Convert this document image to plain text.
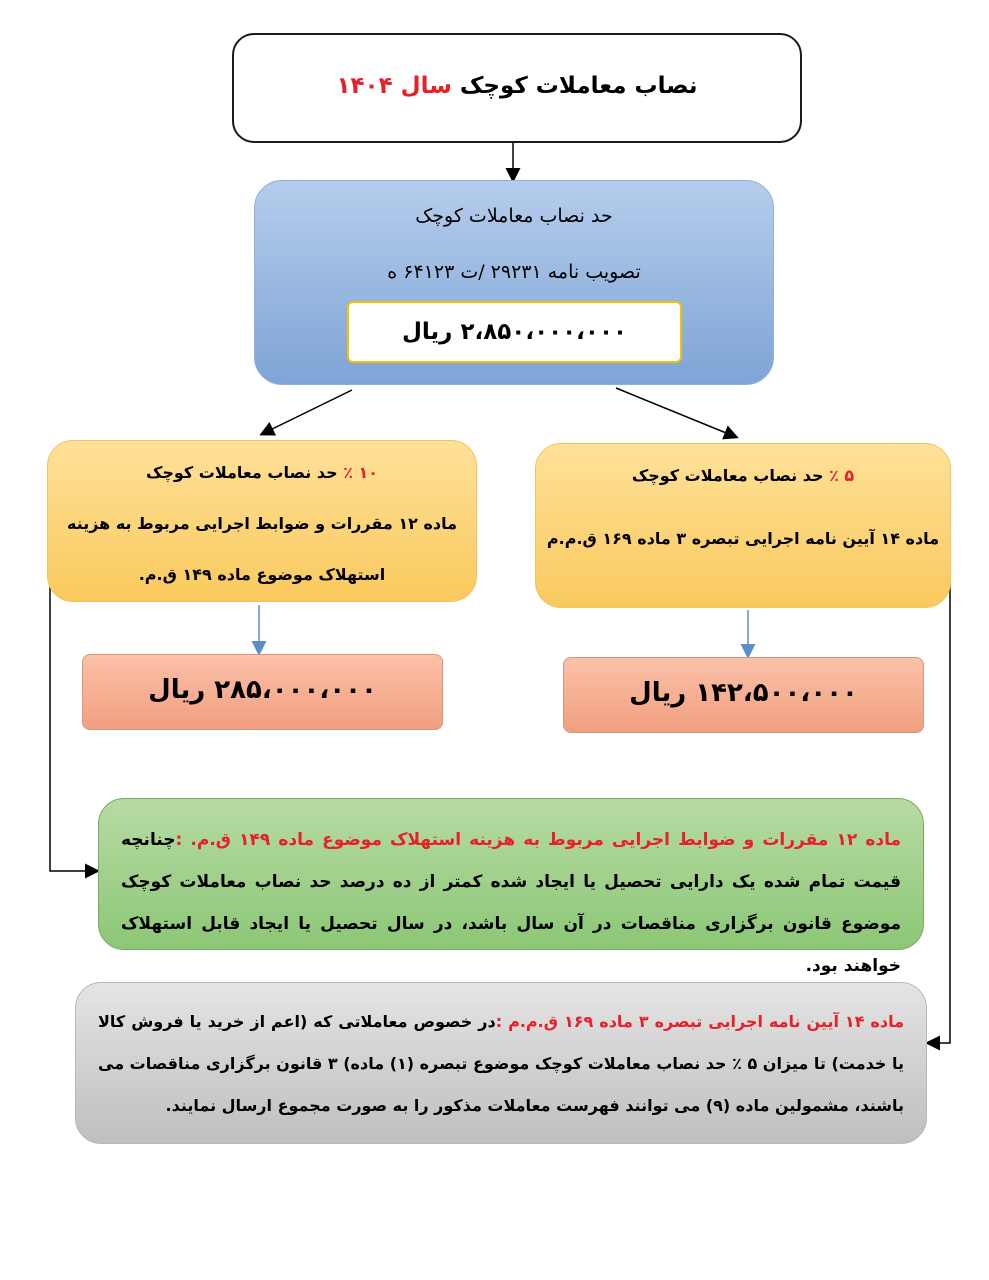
نصاب معاملات کوچک سال ۱۴۰۴
حد نصاب معاملات کوچک
تصویب نامه ۲۹۲۳۱ /ت ۶۴۱۲۳ ه
۲،۸۵۰،۰۰۰،۰۰۰ ریال
۱۰ ٪ حد نصاب معاملات کوچک
ماده ۱۲ مقررات و ضوابط اجرایی مربوط به هزینه
استهلاک موضوع ماده ۱۴۹ ق.م.
۵ ٪ حد نصاب معاملات کوچک
ماده ۱۴ آیین نامه اجرایی تبصره ۳ ماده ۱۶۹ ق.م.م
۲۸۵،۰۰۰،۰۰۰ ریال	۱۴۲،۵۰۰،۰۰۰ ریال
ماده ۱۲ مقررات و ضوابط اجرایی مربوط به هزینه استهلاک موضوع ماده ۱۴۹ ق.م. :چنانچه قیمت تمام شده یک دارایی تحصیل یا ایجاد شده کمتر از ده درصد حد نصاب معاملات کوچک موضوع قانون برگزاری مناقصات در آن سال باشد، در سال تحصیل یا ایجاد قابل استهلاک خواهند بود.
ماده ۱۴ آیین نامه اجرایی تبصره ۳ ماده ۱۶۹ ق.م.م :در خصوص معاملاتی که (اعم از خرید یا فروش کالا یا خدمت) تا میزان ۵ ٪ حد نصاب معاملات کوچک موضوع تبصره (۱) ماده) ۳ قانون برگزاری مناقصات می باشند، مشمولین ماده (۹) می توانند فهرست معاملات مذکور را به صورت مجموع ارسال نمایند.
